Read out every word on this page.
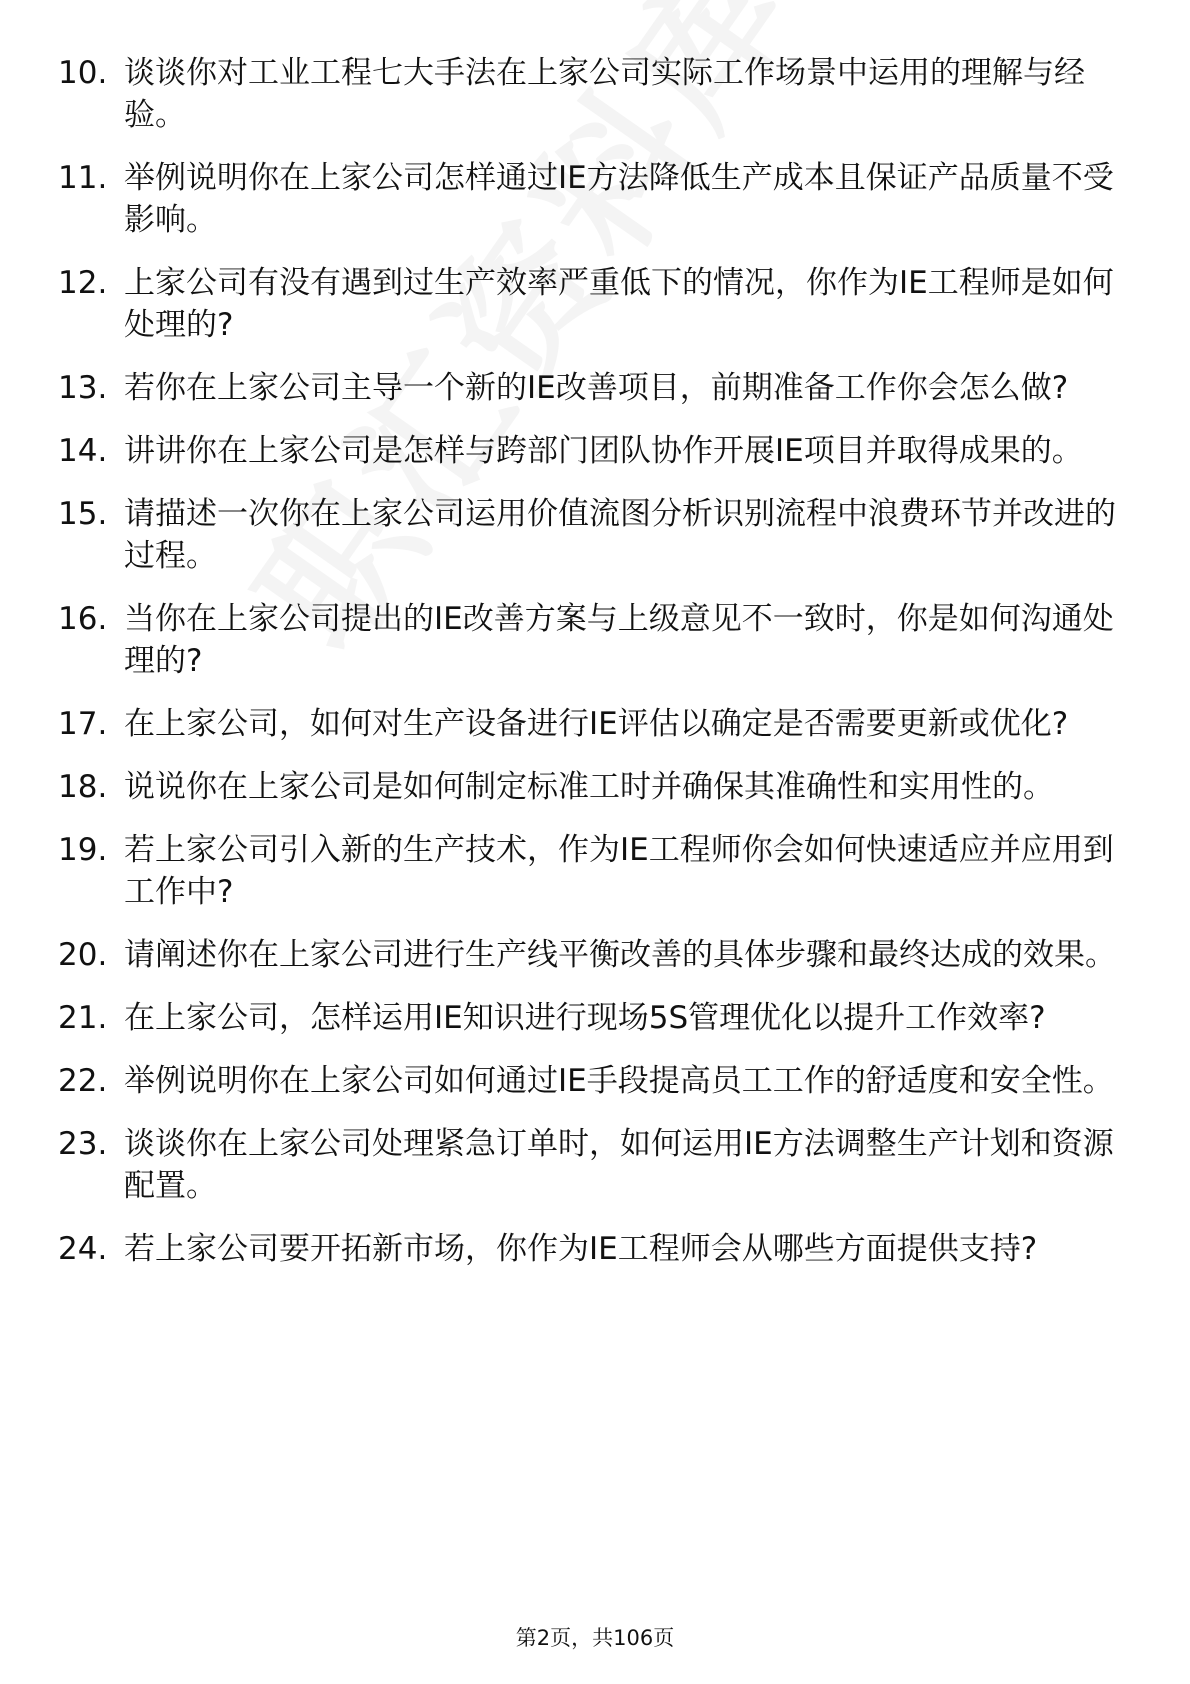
10. 谈谈你对工业工程七大手法在上家公司实际工作场景中运用的理解与经验。
11. 举例说明你在上家公司怎样通过IE方法降低生产成本且保证产品质量不受影响。
12. 上家公司有没有遇到过生产效率严重低下的情况，你作为IE工程师是如何处理的?
13. 若你在上家公司主导一个新的IE改善项目，前期准备工作你会怎么做?
14. 讲讲你在上家公司是怎样与跨部门团队协作开展IE项目并取得成果的。
15. 请描述一次你在上家公司运用价值流图分析识别流程中浪费环节并改进的过程。
16. 当你在上家公司提出的IE改善方案与上级意见不一致时，你是如何沟通处理的?
17. 在上家公司，如何对生产设备进行IE评估以确定是否需要更新或优化?
18. 说说你在上家公司是如何制定标准工时并确保其准确性和实用性的。
19. 若上家公司引入新的生产技术，作为IE工程师你会如何快速适应并应用到工作中?
20. 请阐述你在上家公司进行生产线平衡改善的具体步骤和最终达成的效果。
21. 在上家公司，怎样运用IE知识进行现场5S管理优化以提升工作效率?
22. 举例说明你在上家公司如何通过IE手段提高员工工作的舒适度和安全性。
23. 谈谈你在上家公司处理紧急订单时，如何运用IE方法调整生产计划和资源配置。
24. 若上家公司要开拓新市场，你作为IE工程师会从哪些方面提供支持?
第2页，共106页
